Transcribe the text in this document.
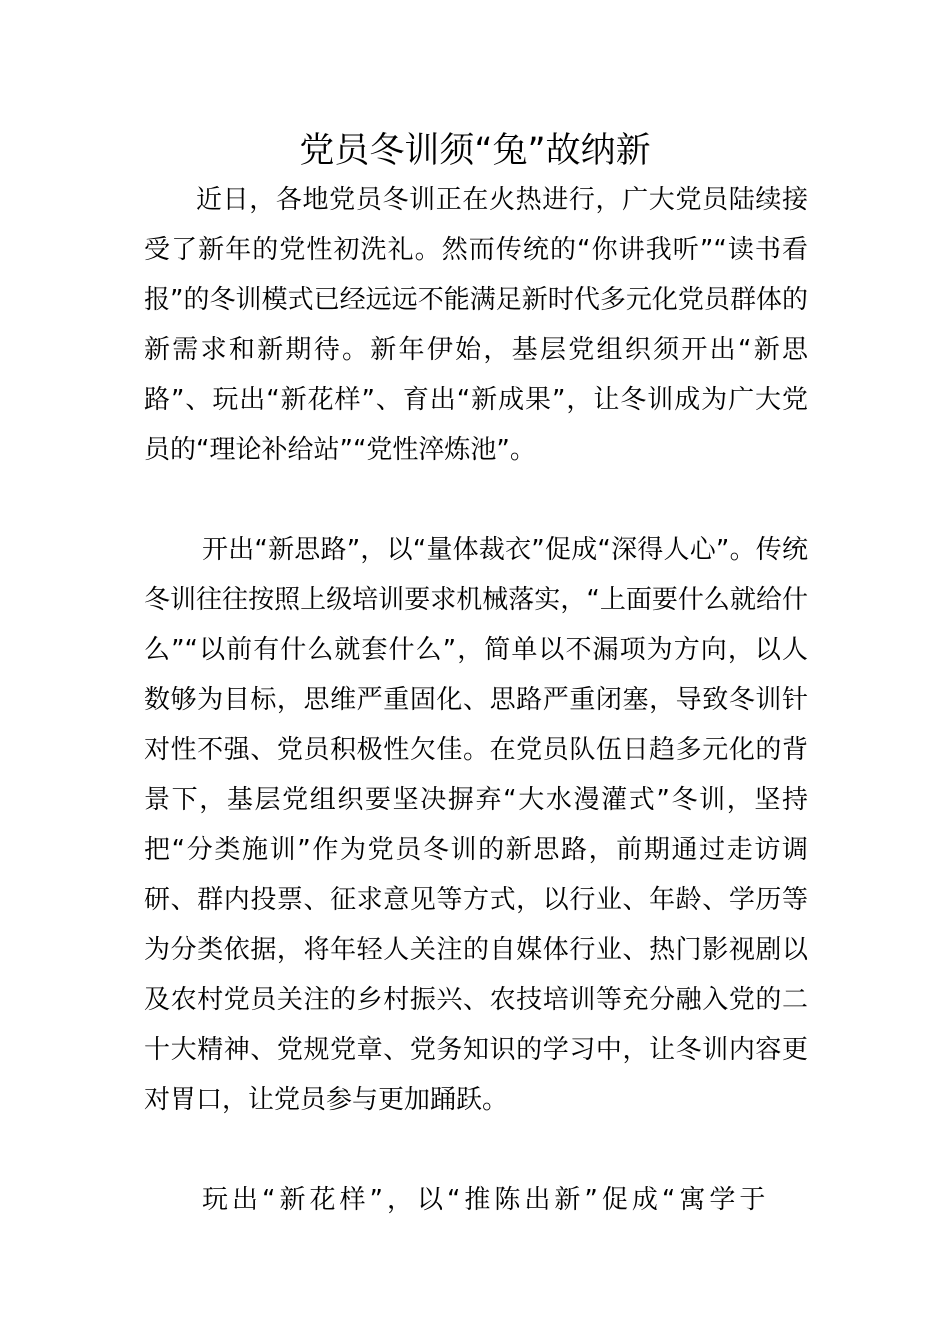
党员冬训须“兔”故纳新

近日，各地党员冬训正在火热进行，广大党员陆续接受了新年的党性初洗礼。然而传统的“你讲我听”“读书看报”的冬训模式已经远远不能满足新时代多元化党员群体的新需求和新期待。新年伊始，基层党组织须开出“新思路”、玩出“新花样”、育出“新成果”，让冬训成为广大党员的“理论补给站”“党性淬炼池”。

开出“新思路”，以“量体裁衣”促成“深得人心”。传统冬训往往按照上级培训要求机械落实，“上面要什么就给什么”“以前有什么就套什么”，简单以不漏项为方向，以人数够为目标，思维严重固化、思路严重闭塞，导致冬训针对性不强、党员积极性欠佳。在党员队伍日趋多元化的背景下，基层党组织要坚决摒弃“大水漫灌式”冬训，坚持把“分类施训”作为党员冬训的新思路，前期通过走访调研、群内投票、征求意见等方式，以行业、年龄、学历等为分类依据，将年轻人关注的自媒体行业、热门影视剧以及农村党员关注的乡村振兴、农技培训等充分融入党的二十大精神、党规党章、党务知识的学习中，让冬训内容更对胃口，让党员参与更加踊跃。

玩出“新花样”，以“推陈出新”促成“寓学于
